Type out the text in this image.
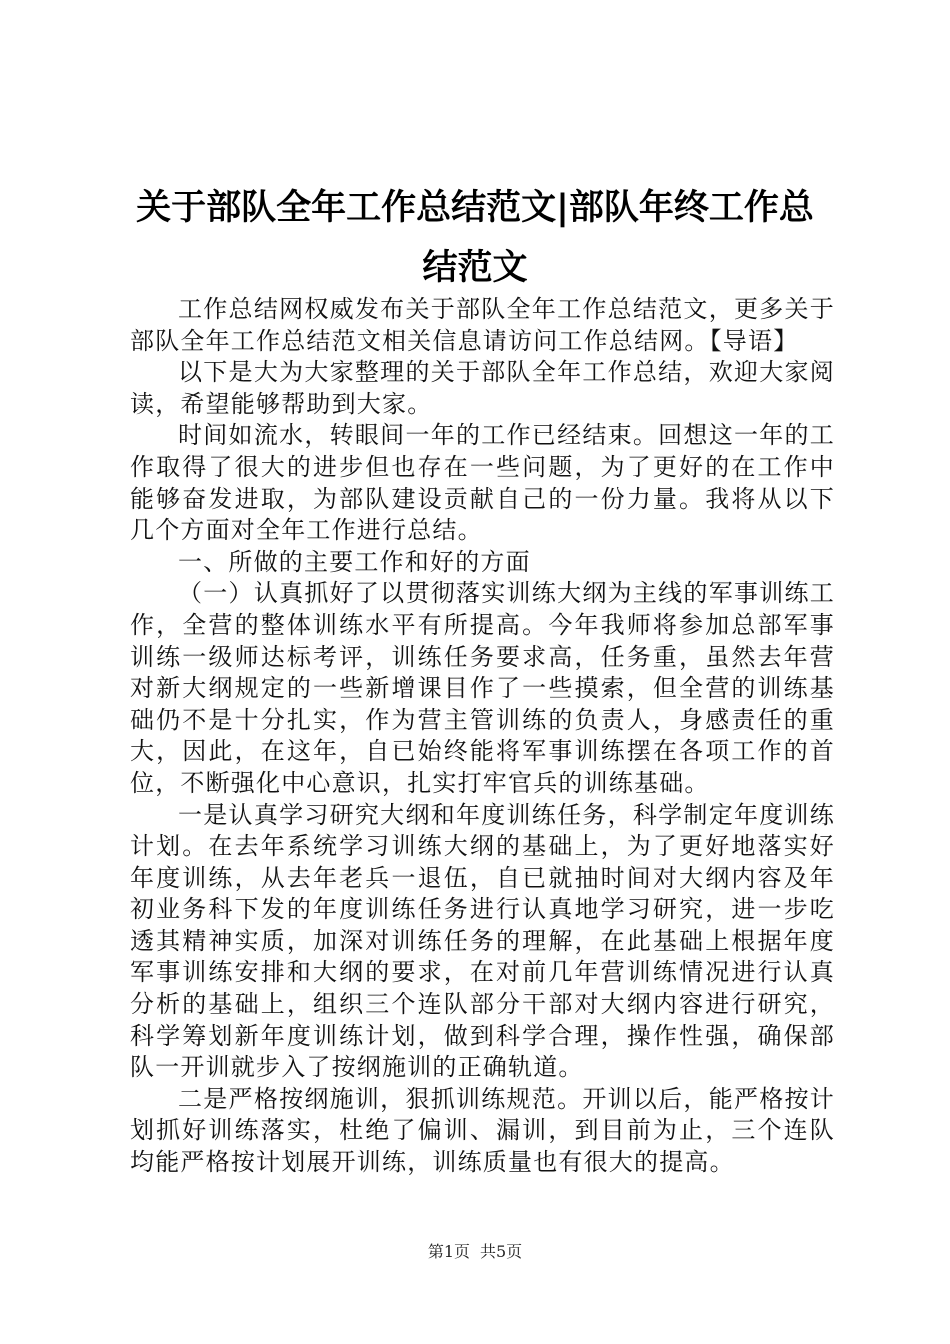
关于部队全年工作总结范文|部队年终工作总结范文

工作总结网权威发布关于部队全年工作总结范文，更多关于部队全年工作总结范文相关信息请访问工作总结网。【导语】

以下是大为大家整理的关于部队全年工作总结，欢迎大家阅读，希望能够帮助到大家。

时间如流水，转眼间一年的工作已经结束。回想这一年的工作取得了很大的进步但也存在一些问题，为了更好的在工作中能够奋发进取，为部队建设贡献自己的一份力量。我将从以下几个方面对全年工作进行总结。

一、所做的主要工作和好的方面

（一）认真抓好了以贯彻落实训练大纲为主线的军事训练工作，全营的整体训练水平有所提高。今年我师将参加总部军事训练一级师达标考评，训练任务要求高，任务重，虽然去年营对新大纲规定的一些新增课目作了一些摸索，但全营的训练基础仍不是十分扎实，作为营主管训练的负责人，身感责任的重大，因此，在这年，自已始终能将军事训练摆在各项工作的首位，不断强化中心意识，扎实打牢官兵的训练基础。

一是认真学习研究大纲和年度训练任务，科学制定年度训练计划。在去年系统学习训练大纲的基础上，为了更好地落实好年度训练，从去年老兵一退伍，自已就抽时间对大纲内容及年初业务科下发的年度训练任务进行认真地学习研究，进一步吃透其精神实质，加深对训练任务的理解，在此基础上根据年度军事训练安排和大纲的要求，在对前几年营训练情况进行认真分析的基础上，组织三个连队部分干部对大纲内容进行研究，科学筹划新年度训练计划，做到科学合理，操作性强，确保部队一开训就步入了按纲施训的正确轨道。

二是严格按纲施训，狠抓训练规范。开训以后，能严格按计划抓好训练落实，杜绝了偏训、漏训，到目前为止，三个连队均能严格按计划展开训练，训练质量也有很大的提高。

第1页 共5页
